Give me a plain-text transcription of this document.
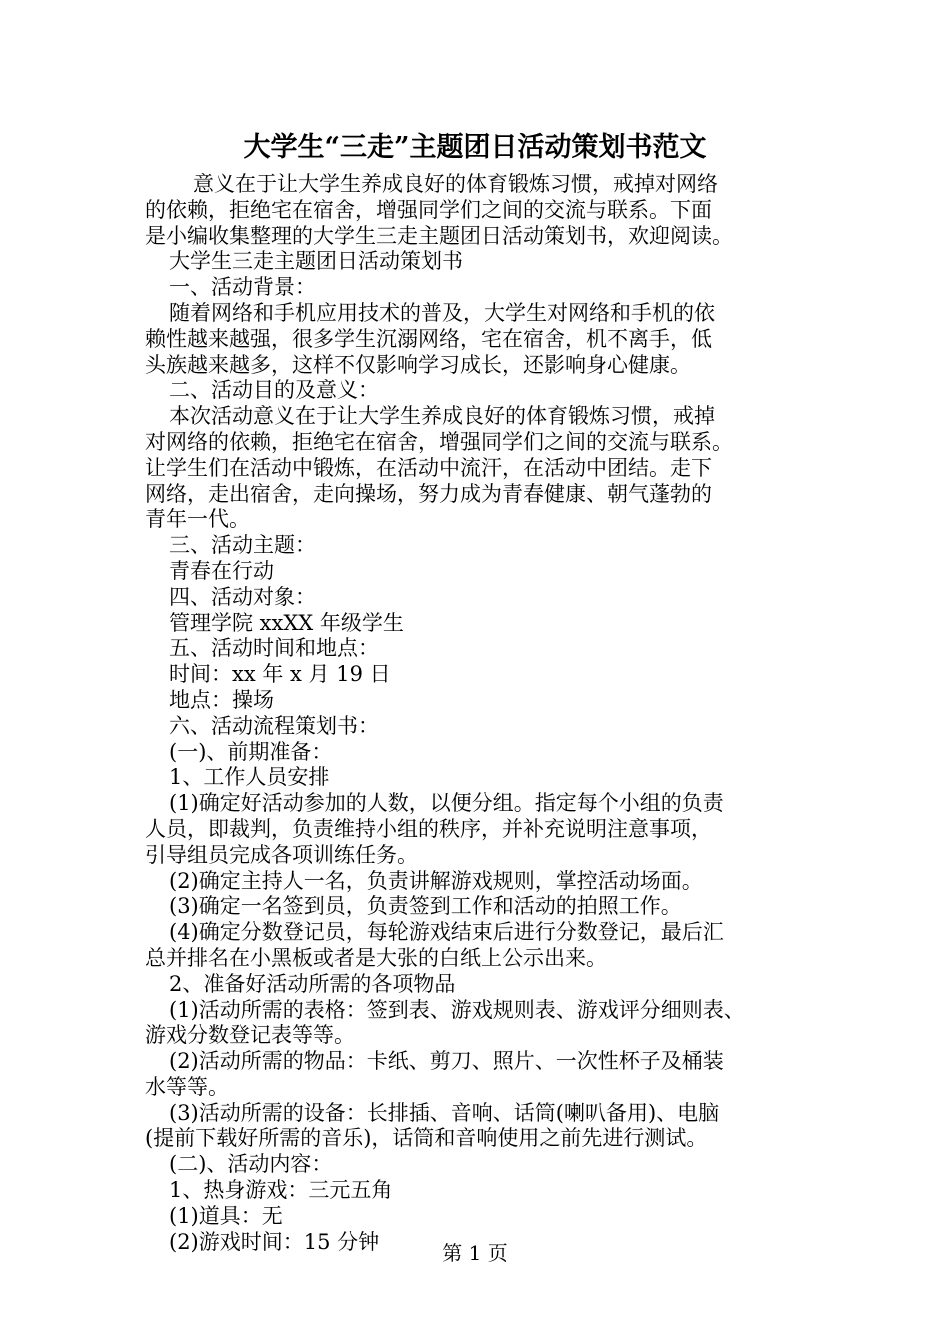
大学生“三走”主题团日活动策划书范文

意义在于让大学生养成良好的体育锻炼习惯，戒掉对网络

的依赖，拒绝宅在宿舍，增强同学们之间的交流与联系。下面

是小编收集整理的大学生三走主题团日活动策划书，欢迎阅读。

大学生三走主题团日活动策划书

一、活动背景：

随着网络和手机应用技术的普及，大学生对网络和手机的依

赖性越来越强，很多学生沉溺网络，宅在宿舍，机不离手，低

头族越来越多，这样不仅影响学习成长，还影响身心健康。

二、活动目的及意义：

本次活动意义在于让大学生养成良好的体育锻炼习惯，戒掉

对网络的依赖，拒绝宅在宿舍，增强同学们之间的交流与联系。

让学生们在活动中锻炼，在活动中流汗，在活动中团结。走下

网络，走出宿舍，走向操场，努力成为青春健康、朝气蓬勃的

青年一代。

三、活动主题：

青春在行动

四、活动对象：

管理学院 xxXX 年级学生

五、活动时间和地点：

时间：xx 年 x 月 19 日

地点：操场

六、活动流程策划书：

(一)、前期准备：

1、工作人员安排

(1)确定好活动参加的人数，以便分组。指定每个小组的负责

人员，即裁判，负责维持小组的秩序，并补充说明注意事项，

引导组员完成各项训练任务。

(2)确定主持人一名，负责讲解游戏规则，掌控活动场面。

(3)确定一名签到员，负责签到工作和活动的拍照工作。

(4)确定分数登记员，每轮游戏结束后进行分数登记，最后汇

总并排名在小黑板或者是大张的白纸上公示出来。

2、准备好活动所需的各项物品

(1)活动所需的表格：签到表、游戏规则表、游戏评分细则表、

游戏分数登记表等等。

(2)活动所需的物品：卡纸、剪刀、照片、一次性杯子及桶装

水等等。

(3)活动所需的设备：长排插、音响、话筒(喇叭备用)、电脑

(提前下载好所需的音乐)，话筒和音响使用之前先进行测试。

(二)、活动内容：

1、热身游戏：三元五角

(1)道具：无

(2)游戏时间：15 分钟	第 1 页
